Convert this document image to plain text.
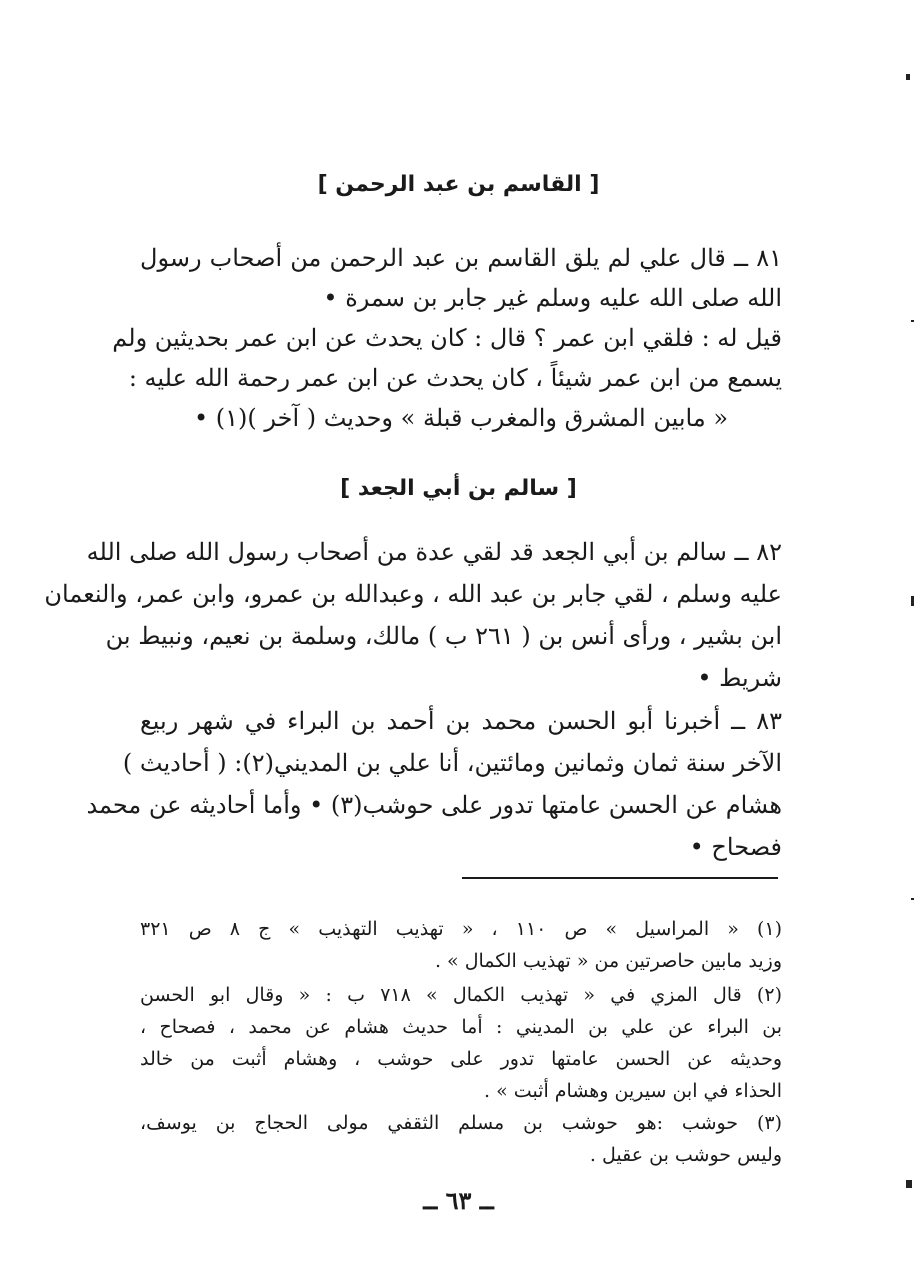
[ القاسم بن عبد الرحمن ]
٨١ ــ قال علي لم يلق القاسم بن عبد الرحمن من أصحاب رسول
الله صلى الله عليه وسلم غير جابر بن سمرة •
قيل له : فلقي ابن عمر ؟ قال : كان يحدث عن ابن عمر بحديثين ولم
يسمع من ابن عمر شيئاً ، كان يحدث عن ابن عمر رحمة الله عليه :
« مابين المشرق والمغرب قبلة » وحديث ( آخر )(١) •
[ سالم بن أبي الجعد ]
٨٢ ــ سالم بن أبي الجعد قد لقي عدة من أصحاب رسول الله صلى الله
عليه وسلم ، لقي جابر بن عبد الله ، وعبدالله بن عمرو، وابن عمر، والنعمان
ابن بشير ، ورأى أنس بن ( ٢٦١ ب ) مالك، وسلمة بن نعيم، ونبيط بن
شريط •
٨٣ ــ أخبرنا أبو الحسن محمد بن أحمد بن البراء في شهر ربيع
الآخر سنة ثمان وثمانين ومائتين، أنا علي بن المديني(٢): ( أحاديث )
هشام عن الحسن عامتها تدور على حوشب(٣) • وأما أحاديثه عن محمد
فصحاح •
(١) « المراسيل » ص ١١٠ ، « تهذيب التهذيب » ج ٨ ص ٣٢١
وزيد مابين حاصرتين من « تهذيب الكمال » .
(٢) قال المزي في « تهذيب الكمال » ٧١٨ ب : « وقال ابو الحسن
بن البراء عن علي بن المديني : أما حديث هشام عن محمد ، فصحاح ،
وحديثه عن الحسن عامتها تدور على حوشب ، وهشام أثبت من خالد
الحذاء في ابن سيرين وهشام أثبت » .
(٣) حوشب :هو حوشب بن مسلم الثقفي مولى الحجاج بن يوسف،
وليس حوشب بن عقيل .
ــ ٦٣ ــ
